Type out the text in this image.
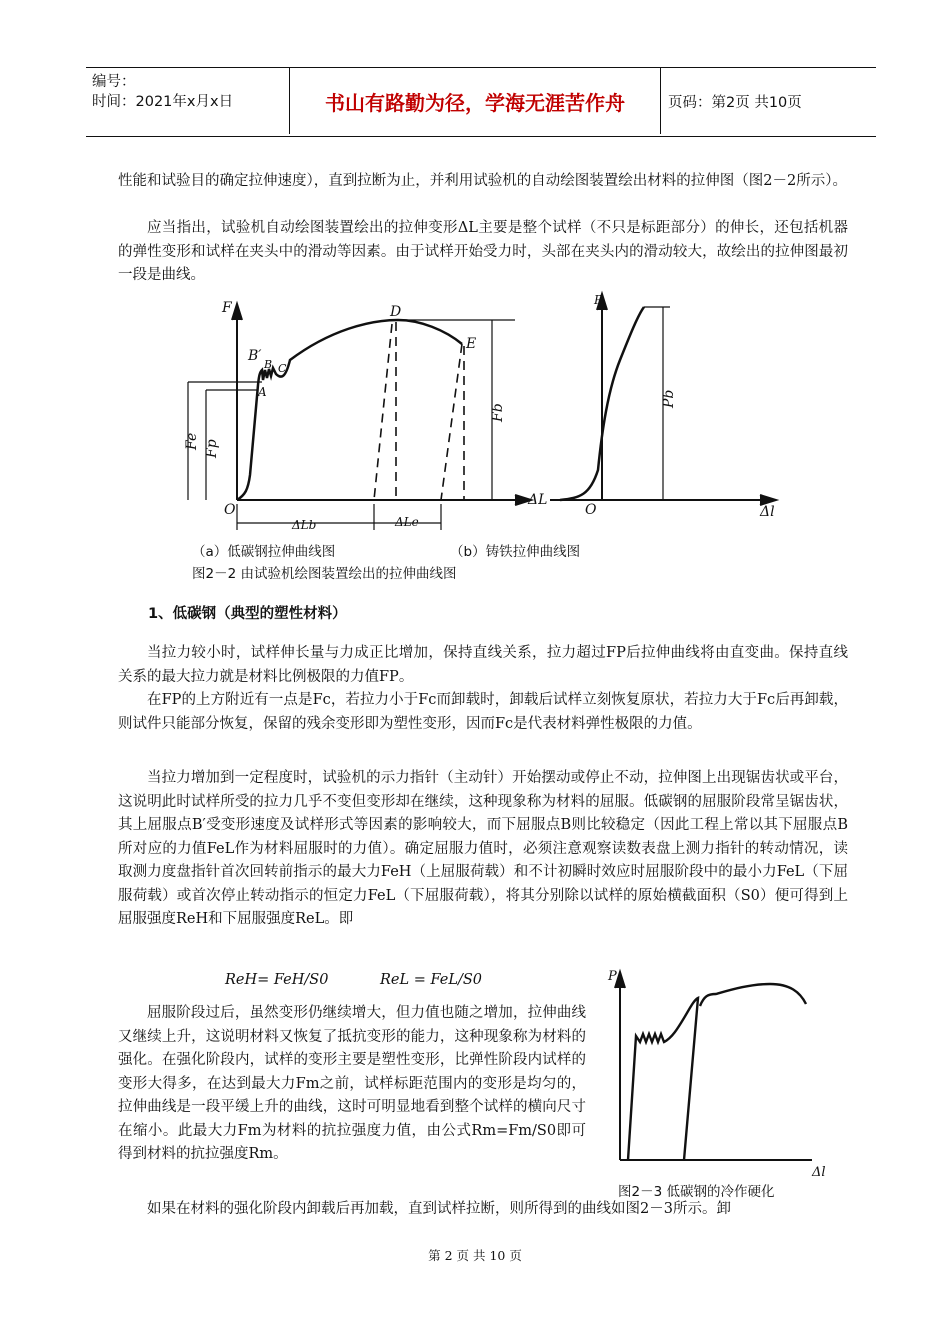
编号：
时间：2021年x月x日	书山有路勤为径，学海无涯苦作舟	页码：第2页 共10页

性能和试验目的确定拉伸速度），直到拉断为止，并利用试验机的自动绘图装置绘出材料的拉伸图（图2－2所示）。

应当指出，试验机自动绘图装置绘出的拉伸变形ΔL主要是整个试样（不只是标距部分）的伸长，还包括机器的弹性变形和试样在夹头中的滑动等因素。由于试样开始受力时，头部在夹头内的滑动较大，故绘出的拉伸图最初一段是曲线。

F
B′
B C
A
D
E
Fe Fp
Fb
O
ΔL
ΔLb	ΔLe
P
Pb
O	Δl
（a）低碳钢拉伸曲线图	（b）铸铁拉伸曲线图
图2－2 由试验机绘图装置绘出的拉伸曲线图

1、低碳钢（典型的塑性材料）

当拉力较小时，试样伸长量与力成正比增加，保持直线关系，拉力超过FP后拉伸曲线将由直变曲。保持直线关系的最大拉力就是材料比例极限的力值FP。

在FP的上方附近有一点是Fc，若拉力小于Fc而卸载时，卸载后试样立刻恢复原状，若拉力大于Fc后再卸载，则试件只能部分恢复，保留的残余变形即为塑性变形，因而Fc是代表材料弹性极限的力值。

当拉力增加到一定程度时，试验机的示力指针（主动针）开始摆动或停止不动，拉伸图上出现锯齿状或平台，这说明此时试样所受的拉力几乎不变但变形却在继续，这种现象称为材料的屈服。低碳钢的屈服阶段常呈锯齿状，其上屈服点B′受变形速度及试样形式等因素的影响较大，而下屈服点B则比较稳定（因此工程上常以其下屈服点B所对应的力值FeL作为材料屈服时的力值）。确定屈服力值时，必须注意观察读数表盘上测力指针的转动情况，读取测力度盘指针首次回转前指示的最大力FeH（上屈服荷载）和不计初瞬时效应时屈服阶段中的最小力FeL（下屈服荷载）或首次停止转动指示的恒定力FeL（下屈服荷载），将其分别除以试样的原始横截面积（S0）便可得到上屈服强度ReH和下屈服强度ReL。即

ReH= FeH/S0	ReL = FeL/S0

屈服阶段过后，虽然变形仍继续增大，但力值也随之增加，拉伸曲线又继续上升，这说明材料又恢复了抵抗变形的能力，这种现象称为材料的强化。在强化阶段内，试样的变形主要是塑性变形，比弹性阶段内试样的变形大得多，在达到最大力Fm之前，试样标距范围内的变形是均匀的，拉伸曲线是一段平缓上升的曲线，这时可明显地看到整个试样的横向尺寸在缩小。此最大力Fm为材料的抗拉强度力值，由公式Rm=Fm/S0即可得到材料的抗拉强度Rm。

P
Δl
图2－3 低碳钢的冷作硬化

如果在材料的强化阶段内卸载后再加载，直到试样拉断，则所得到的曲线如图2－3所示。卸

第 2 页 共 10 页
